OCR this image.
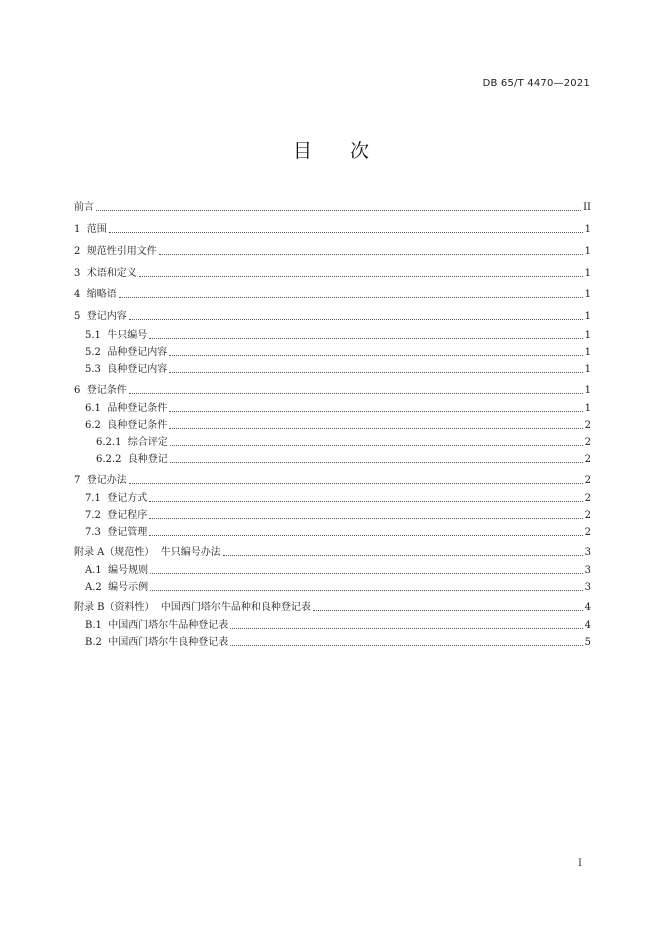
DB 65/T 4470—2021
目次
前言	II
1  范围	1
2  规范性引用文件	1
3  术语和定义	1
4  缩略语	1
5  登记内容	1
5.1  牛只编号	1
5.2  品种登记内容	1
5.3  良种登记内容	1
6  登记条件	1
6.1  品种登记条件	1
6.2  良种登记条件	2
6.2.1  综合评定	2
6.2.2  良种登记	2
7  登记办法	2
7.1  登记方式	2
7.2  登记程序	2
7.3  登记管理	2
附录 A（规范性）  牛只编号办法	3
A.1  编号规则	3
A.2  编号示例	3
附录 B（资料性）  中国西门塔尔牛品种和良种登记表	4
B.1  中国西门塔尔牛品种登记表	4
B.2  中国西门塔尔牛良种登记表	5
I
